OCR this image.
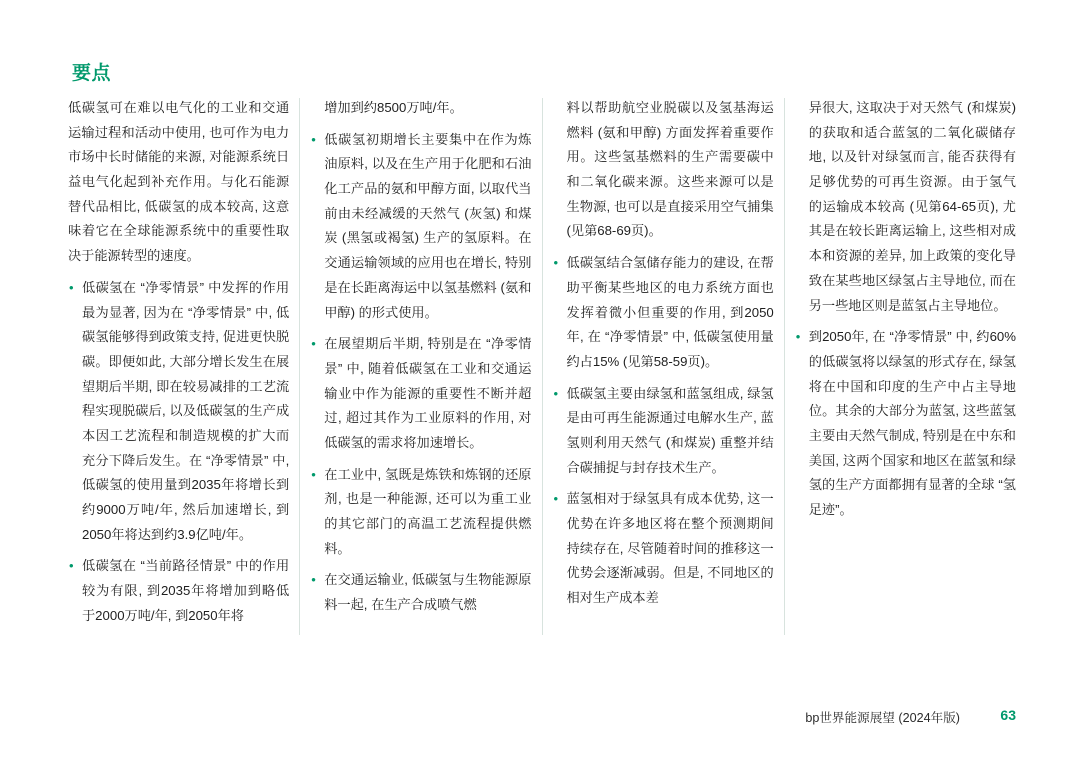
要点

低碳氢可在难以电气化的工业和交通运输过程和活动中使用, 也可作为电力市场中长时储能的来源, 对能源系统日益电气化起到补充作用。与化石能源替代品相比, 低碳氢的成本较高, 这意味着它在全球能源系统中的重要性取决于能源转型的速度。

• 低碳氢在 “净零情景” 中发挥的作用最为显著, 因为在 “净零情景” 中, 低碳氢能够得到政策支持, 促进更快脱碳。即便如此, 大部分增长发生在展望期后半期, 即在较易减排的工艺流程实现脱碳后, 以及低碳氢的生产成本因工艺流程和制造规模的扩大而充分下降后发生。在 “净零情景” 中, 低碳氢的使用量到2035年将增长到约9000万吨/年, 然后加速增长, 到2050年将达到约3.9亿吨/年。
• 低碳氢在 “当前路径情景” 中的作用较为有限, 到2035年将增加到略低于2000万吨/年, 到2050年将
增加到约8500万吨/年。
• 低碳氢初期增长主要集中在作为炼油原料, 以及在生产用于化肥和石油化工产品的氨和甲醇方面, 以取代当前由未经减缓的天然气 (灰氢) 和煤炭 (黑氢或褐氢) 生产的氢原料。在交通运输领域的应用也在增长, 特别是在长距离海运中以氢基燃料 (氨和甲醇) 的形式使用。
• 在展望期后半期, 特别是在 “净零情景” 中, 随着低碳氢在工业和交通运输业中作为能源的重要性不断并超过, 超过其作为工业原料的作用, 对低碳氢的需求将加速增长。
• 在工业中, 氢既是炼铁和炼钢的还原剂, 也是一种能源, 还可以为重工业的其它部门的高温工艺流程提供燃料。
• 在交通运输业, 低碳氢与生物能源原料一起, 在生产合成喷气燃
料以帮助航空业脱碳以及氢基海运燃料 (氨和甲醇) 方面发挥着重要作用。这些氢基燃料的生产需要碳中和二氧化碳来源。这些来源可以是生物源, 也可以是直接采用空气捕集 (见第68-69页)。
• 低碳氢结合氢储存能力的建设, 在帮助平衡某些地区的电力系统方面也发挥着微小但重要的作用, 到2050年, 在 “净零情景” 中, 低碳氢使用量约占15% (见第58-59页)。
• 低碳氢主要由绿氢和蓝氢组成, 绿氢是由可再生能源通过电解水生产, 蓝氢则利用天然气 (和煤炭) 重整并结合碳捕捉与封存技术生产。
• 蓝氢相对于绿氢具有成本优势, 这一优势在许多地区将在整个预测期间持续存在, 尽管随着时间的推移这一优势会逐渐减弱。但是, 不同地区的相对生产成本差
异很大, 这取决于对天然气 (和煤炭) 的获取和适合蓝氢的二氧化碳储存地, 以及针对绿氢而言, 能否获得有足够优势的可再生资源。由于氢气的运输成本较高 (见第64-65页), 尤其是在较长距离运输上, 这些相对成本和资源的差异, 加上政策的变化导致在某些地区绿氢占主导地位, 而在另一些地区则是蓝氢占主导地位。
• 到2050年, 在 “净零情景” 中, 约60%的低碳氢将以绿氢的形式存在, 绿氢将在中国和印度的生产中占主导地位。其余的大部分为蓝氢, 这些蓝氢主要由天然气制成, 特别是在中东和美国, 这两个国家和地区在蓝氢和绿氢的生产方面都拥有显著的全球 “氢足迹”。
bp世界能源展望 (2024年版)	63
